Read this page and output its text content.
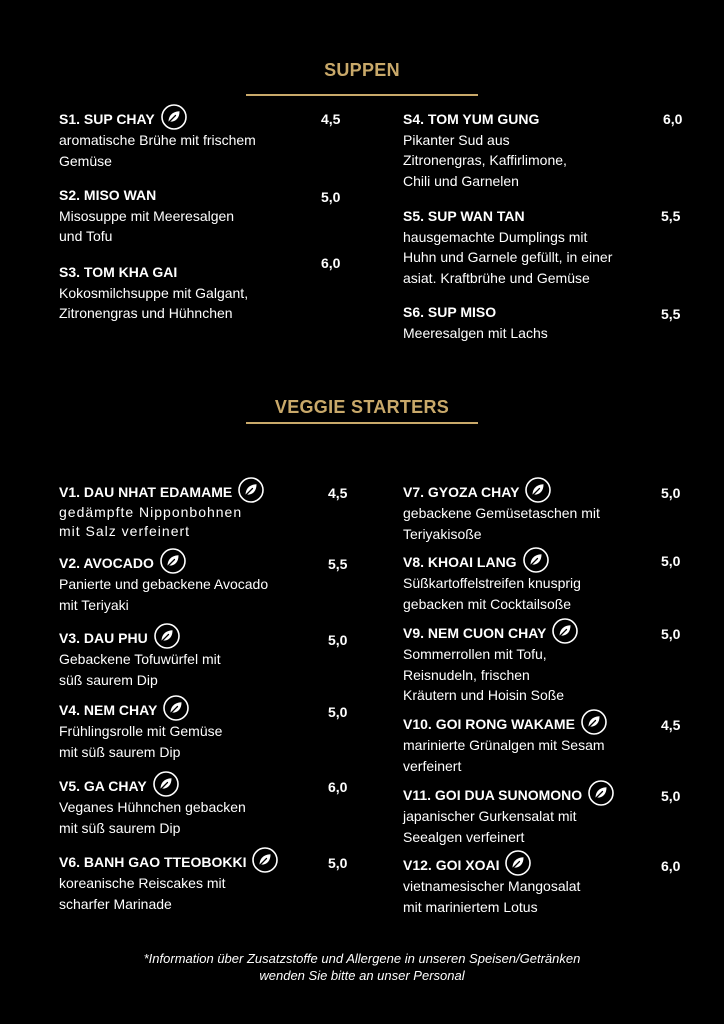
SUPPEN
S1. SUP CHAY
aromatische Brühe mit frischem
Gemüse
4,5
S2. MISO WAN
Misosuppe mit Meeresalgen
und Tofu
5,0
S3. TOM KHA GAI
Kokosmilchsuppe mit Galgant,
Zitronengras und Hühnchen
6,0
S4. TOM YUM GUNG
Pikanter Sud aus
Zitronengras, Kaffirlimone,
Chili und Garnelen
6,0
S5. SUP WAN TAN
hausgemachte Dumplings mit
Huhn und Garnele gefüllt, in einer
asiat. Kraftbrühe und Gemüse
5,5
S6. SUP MISO
Meeresalgen mit Lachs
5,5
VEGGIE STARTERS
V1. DAU NHAT EDAMAME
gedämpfte Nipponbohnen
mit Salz verfeinert
4,5
V2. AVOCADO
Panierte und gebackene Avocado
mit Teriyaki
5,5
V3. DAU PHU
Gebackene Tofuwürfel mit
süß saurem Dip
5,0
V4. NEM CHAY
Frühlingsrolle mit Gemüse
mit süß saurem Dip
5,0
V5. GA CHAY
Veganes Hühnchen gebacken
mit süß saurem Dip
6,0
V6. BANH GAO TTEOBOKKI
koreanische Reiscakes mit
scharfer Marinade
5,0
V7. GYOZA CHAY
gebackene Gemüsetaschen mit
Teriyakisoße
5,0
V8. KHOAI LANG
Süßkartoffelstreifen knusprig
gebacken mit Cocktailsoße
5,0
V9. NEM CUON CHAY
Sommerrollen mit Tofu,
Reisnudeln, frischen
Kräutern und Hoisin Soße
5,0
V10. GOI RONG WAKAME
marinierte Grünalgen mit Sesam
verfeinert
4,5
V11. GOI DUA SUNOMONO
japanischer Gurkensalat mit
Seealgen verfeinert
5,0
V12. GOI XOAI
vietnamesischer Mangosalat
mit mariniertem Lotus
6,0
*Information über Zusatzstoffe und Allergene in unseren Speisen/Getränken
wenden Sie bitte an unser Personal
